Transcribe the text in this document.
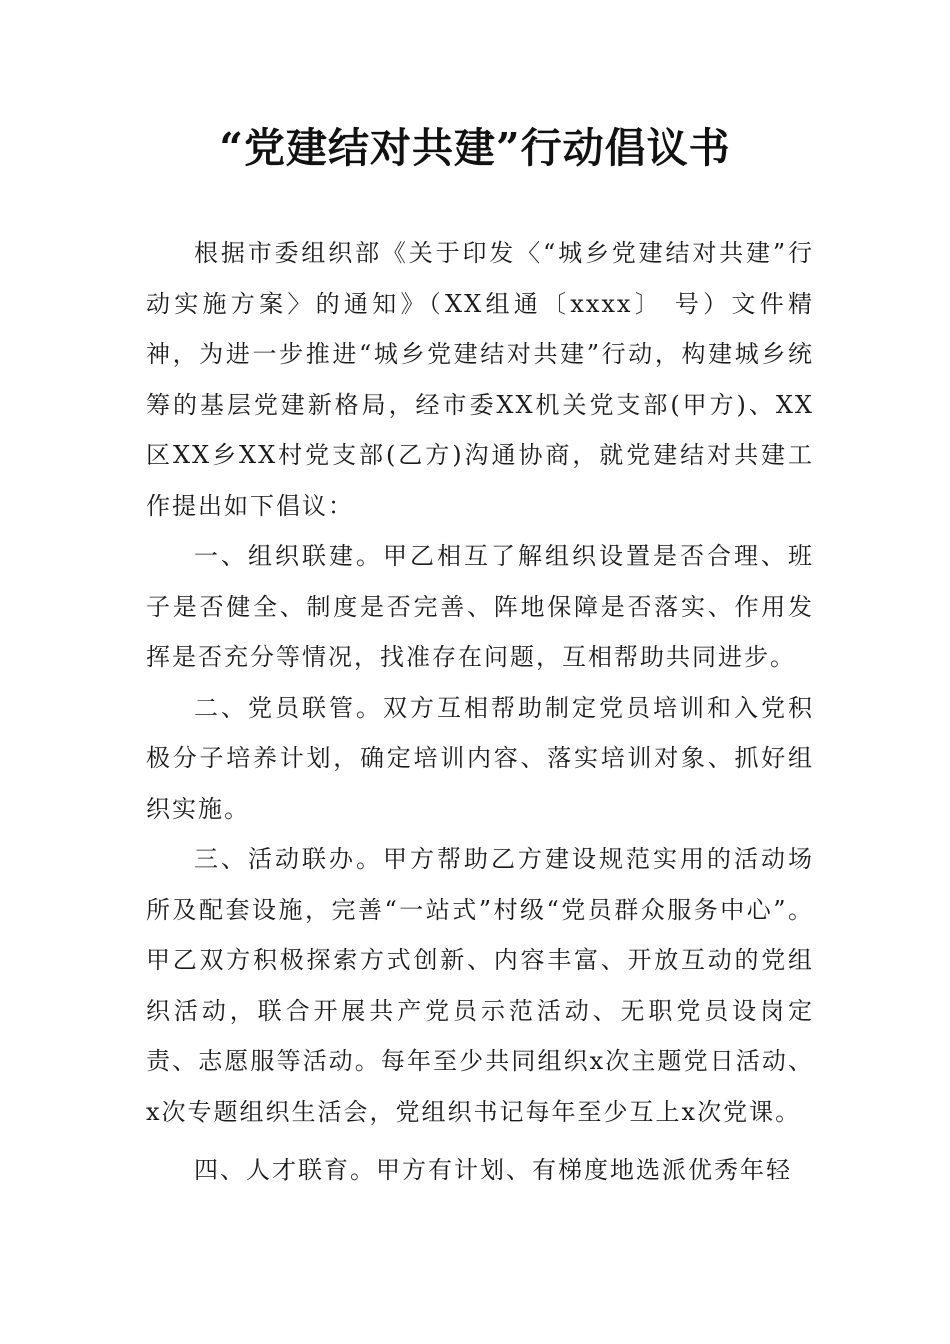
“党建结对共建”行动倡议书

根据市委组织部《关于印发〈“城乡党建结对共建”行动实施方案〉的通知》（XX组通〔xxxx〕 号）文件精神，为进一步推进“城乡党建结对共建”行动，构建城乡统筹的基层党建新格局，经市委XX机关党支部(甲方)、XX区XX乡XX村党支部(乙方)沟通协商，就党建结对共建工作提出如下倡议：

一、组织联建。甲乙相互了解组织设置是否合理、班子是否健全、制度是否完善、阵地保障是否落实、作用发挥是否充分等情况，找准存在问题，互相帮助共同进步。

二、党员联管。双方互相帮助制定党员培训和入党积极分子培养计划，确定培训内容、落实培训对象、抓好组织实施。

三、活动联办。甲方帮助乙方建设规范实用的活动场所及配套设施，完善“一站式”村级“党员群众服务中心”。甲乙双方积极探索方式创新、内容丰富、开放互动的党组织活动，联合开展共产党员示范活动、无职党员设岗定责、志愿服等活动。每年至少共同组织x次主题党日活动、x次专题组织生活会，党组织书记每年至少互上x次党课。

四、人才联育。甲方有计划、有梯度地选派优秀年轻
